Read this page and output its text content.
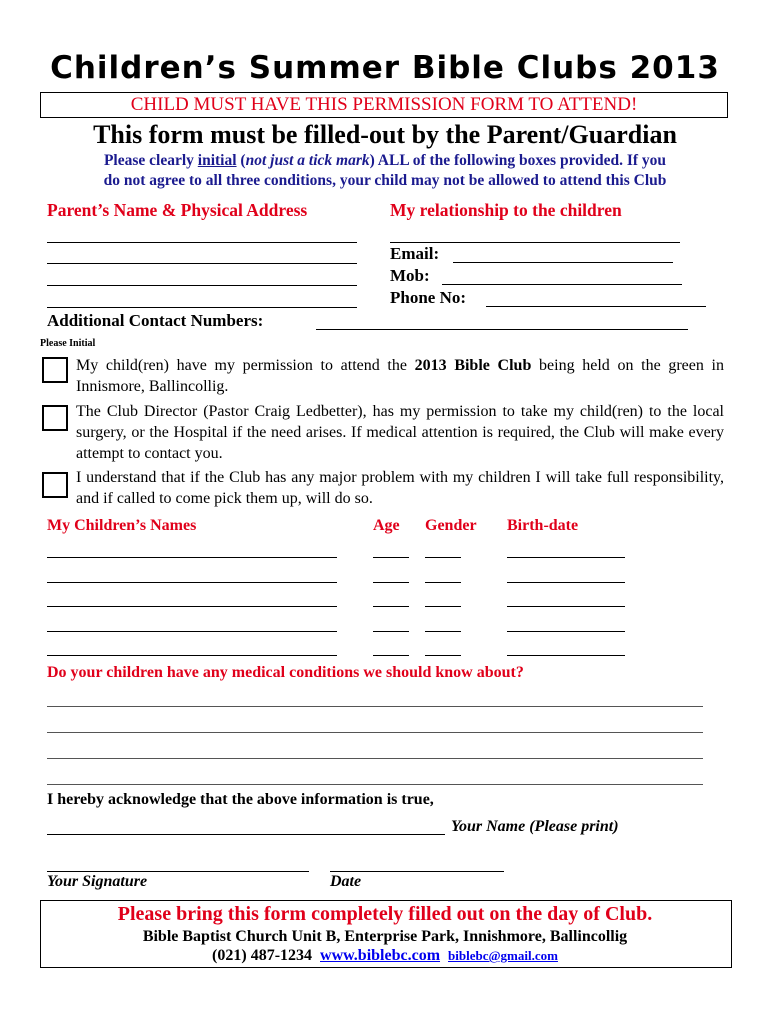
Children’s Summer Bible Clubs 2013
CHILD MUST HAVE THIS PERMISSION FORM TO ATTEND!
This form must be filled-out by the Parent/Guardian
Please clearly initial (not just a tick mark) ALL of the following boxes provided. If you
do not agree to all three conditions, your child may not be allowed to attend this Club
Parent’s Name & Physical Address	My relationship to the children
Email:
Mob:
Phone No:
Additional Contact Numbers:
Please Initial
My child(ren) have my permission to attend the 2013 Bible Club being held on the green in Innismore, Ballincollig.
The Club Director (Pastor Craig Ledbetter), has my permission to take my child(ren) to the local surgery, or the Hospital if the need arises. If medical attention is required, the Club will make every attempt to contact you.
I understand that if the Club has any major problem with my children I will take full responsibility, and if called to come pick them up, will do so.
My Children’s Names	Age Gender Birth-date
Do your children have any medical conditions we should know about?
I hereby acknowledge that the above information is true,
Your Name (Please print)
Your Signature	Date
Please bring this form completely filled out on the day of Club.
Bible Baptist Church Unit B, Enterprise Park, Innishmore, Ballincollig
(021) 487-1234 www.biblebc.com biblebc@gmail.com
